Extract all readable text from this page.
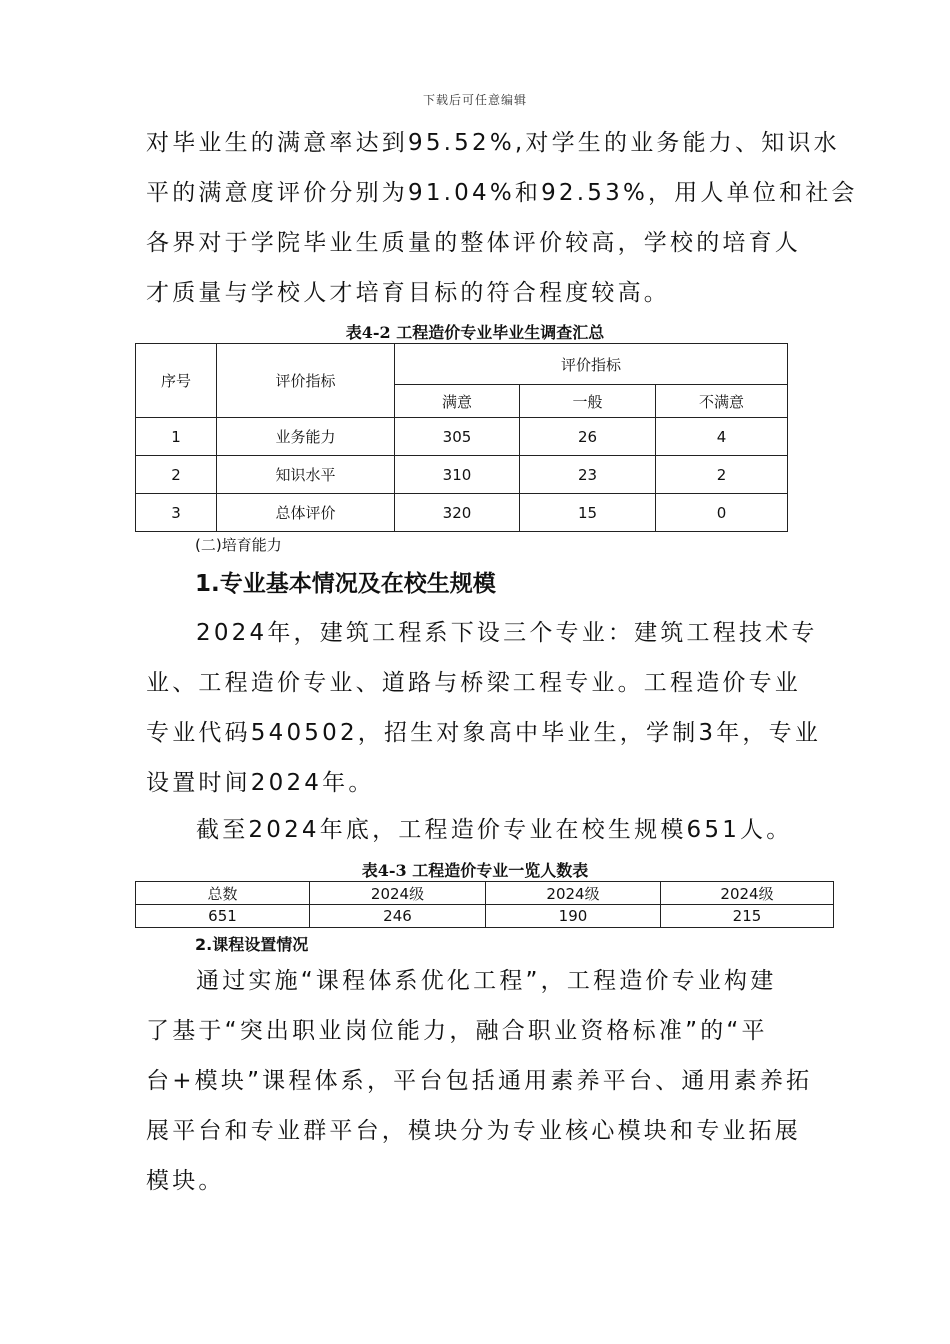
下载后可任意编辑
对毕业生的满意率达到95.52%,对学生的业务能力、知识水
平的满意度评价分别为91.04%和92.53%，用人单位和社会
各界对于学院毕业生质量的整体评价较高，学校的培育人
才质量与学校人才培育目标的符合程度较高。
表4-2 工程造价专业毕业生调查汇总
序号	评价指标	评价指标		
		满意	一般	不满意
1	业务能力	305	26	4
2	知识水平	310	23	2
3	总体评价	320	15	0
(二)培育能力
1.专业基本情况及在校生规模
2024年，建筑工程系下设三个专业：建筑工程技术专
业、工程造价专业、道路与桥梁工程专业。工程造价专业
专业代码540502，招生对象高中毕业生，学制3年，专业
设置时间2024年。
截至2024年底，工程造价专业在校生规模651人。
表4-3 工程造价专业一览人数表
总数	2024级	2024级	2024级
651	246	190	215
2.课程设置情况
通过实施“课程体系优化工程”，工程造价专业构建
了基于“突出职业岗位能力，融合职业资格标准”的“平
台+模块”课程体系，平台包括通用素养平台、通用素养拓
展平台和专业群平台，模块分为专业核心模块和专业拓展
模块。
